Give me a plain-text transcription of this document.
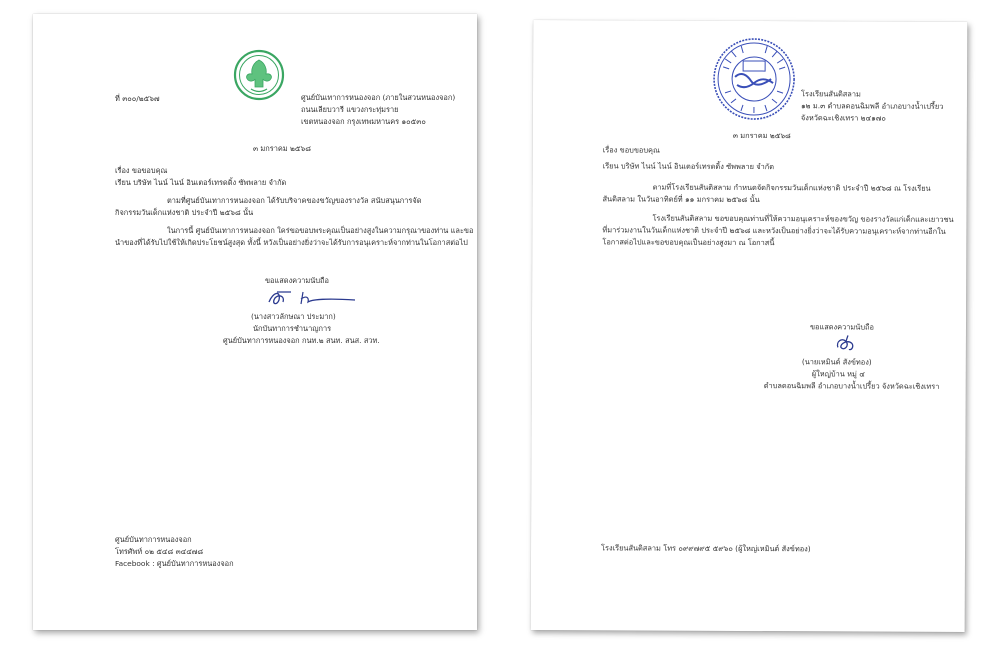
ที่ ๓๐๐/๒๕๖๗	ศูนย์บันเทาการหนองจอก (ภายในสวนหนองจอก)
ถนนเลียบวารี แขวงกระทุ่มราย
เขตหนองจอก กรุงเทพมหานคร ๑๐๕๓๐
๓ มกราคม ๒๕๖๘
เรื่อง ขอขอบคุณ
เรียน บริษัท ไนน์ ไนน์ อินเตอร์เทรดดิ้ง ซัพพลาย จำกัด
ตามที่ศูนย์บันเทาการหนองจอก ได้รับบริจาคของขวัญของรางวัล สนับสนุนการจัด
กิจกรรมวันเด็กแห่งชาติ ประจำปี ๒๕๖๘ นั้น
ในการนี้ ศูนย์บันเทาการหนองจอก ใคร่ขอขอบพระคุณเป็นอย่างสูงในความกรุณาของท่าน และขอ
นำของที่ได้รับไปใช้ให้เกิดประโยชน์สูงสุด ทั้งนี้ หวังเป็นอย่างยิ่งว่าจะได้รับการอนุเคราะห์จากท่านในโอกาสต่อไป
ขอแสดงความนับถือ
(นางสาวลักษณา ประมาก)
นักบันทาการชำนาญการ
ศูนย์บันทาการหนองจอก กนท.๒ สนท. สนส. สวท.
ศูนย์บันทาการหนองจอก
โทรศัพท์ ๐๒ ๕๔๘ ๓๔๔๗๘
Facebook : ศูนย์บันทาการหนองจอก
โรงเรียนสันติสลาม
๑๒ ม.๓ ตำบลดอนฉิมพลี อำเภอบางน้ำเปรี้ยว
จังหวัดฉะเชิงเทรา ๒๔๑๗๐
๓ มกราคม ๒๕๖๘
เรื่อง ขอบขอบคุณ
เรียน บริษัท ไนน์ ไนน์ อินเตอร์เทรดดิ้ง ซัพพลาย จำกัด
ตามที่โรงเรียนสันติสลาม กำหนดจัดกิจกรรมวันเด็กแห่งชาติ ประจำปี ๒๕๖๘ ณ โรงเรียน
สันติสลาม ในวันอาทิตย์ที่ ๑๑ มกราคม ๒๕๖๘ นั้น
โรงเรียนสันติสลาม ขอขอบคุณท่านที่ให้ความอนุเคราะห์ของขวัญ ของรางวัลแก่เด็กและเยาวชน
ที่มาร่วมงานในวันเด็กแห่งชาติ ประจำปี ๒๕๖๘ และหวังเป็นอย่างยิ่งว่าจะได้รับความอนุเคราะห์จากท่านอีกใน
โอกาสต่อไปและขอขอบคุณเป็นอย่างสูงมา ณ โอกาสนี้
ขอแสดงความนับถือ
(นายเหมินต์ สังข์ทอง)
ผู้ใหญ่บ้าน หมู่ ๔
ตำบลดอนฉิมพลี อำเภอบางน้ำเปรี้ยว จังหวัดฉะเชิงเทรา
โรงเรียนสันติสลาม โทร ๐๙๙๗๙๕ ๕๙๖๐ (ผู้ใหญ่เหมินต์ สังข์ทอง)
